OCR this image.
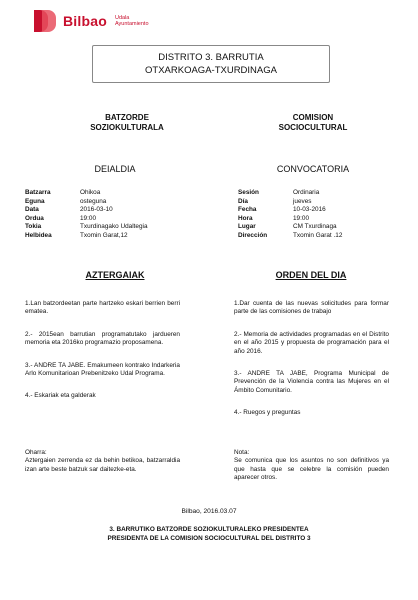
Bilbao Udala
Ayuntamiento
DISTRITO 3. BARRUTIA
OTXARKOAGA-TXURDINAGA
BATZORDE
SOZIOKULTURALA
COMISION
SOCIOCULTURAL
DEIALDIA	CONVOCATORIA
Batzarra	Ohikoa
Eguna	osteguna
Data	2016-03-10
Ordua	19:00
Tokia	Txurdinagako Udaltegia
Helbidea	Txomin Garat,12
Sesión	Ordinaria
Día	jueves
Fecha	10-03-2016
Hora	19:00
Lugar	CM Txurdinaga
Dirección	Txomin Garat .12
AZTERGAIAK	ORDEN DEL DIA

1.Lan batzordeetan parte hartzeko eskari berrien berri ematea.

2.- 2015ean barrutian programatutako jardueren memoria eta 2016ko programazio proposamena.

3.- ANDRE TA JABE. Emakumeen kontrako Indarkeria Arlo Komunitarioan Prebenitzeko Udal Programa.

4.- Eskariak eta galderak

1.Dar cuenta de las nuevas solicitudes para formar parte de las comisiones de trabajo

2.- Memoria de actividades programadas en el Distrito en el año 2015 y propuesta de programación para el año 2016.

3.- ANDRE TA JABE, Programa Municipal de Prevención de la Violencia contra las Mujeres en el Ámbito Comunitario.

4.- Ruegos y preguntas

Oharra:
Aztergaien zerrenda ez da behin betikoa, batzarraldia izan arte beste batzuk sar daitezke-eta.
Nota:
Se comunica que los asuntos no son definitivos ya que hasta que se celebre la comisión pueden aparecer otros.
Bilbao, 2016.03.07
3. BARRUTIKO BATZORDE SOZIOKULTURALEKO PRESIDENTEA
PRESIDENTA DE LA COMISION SOCIOCULTURAL DEL DISTRITO 3
